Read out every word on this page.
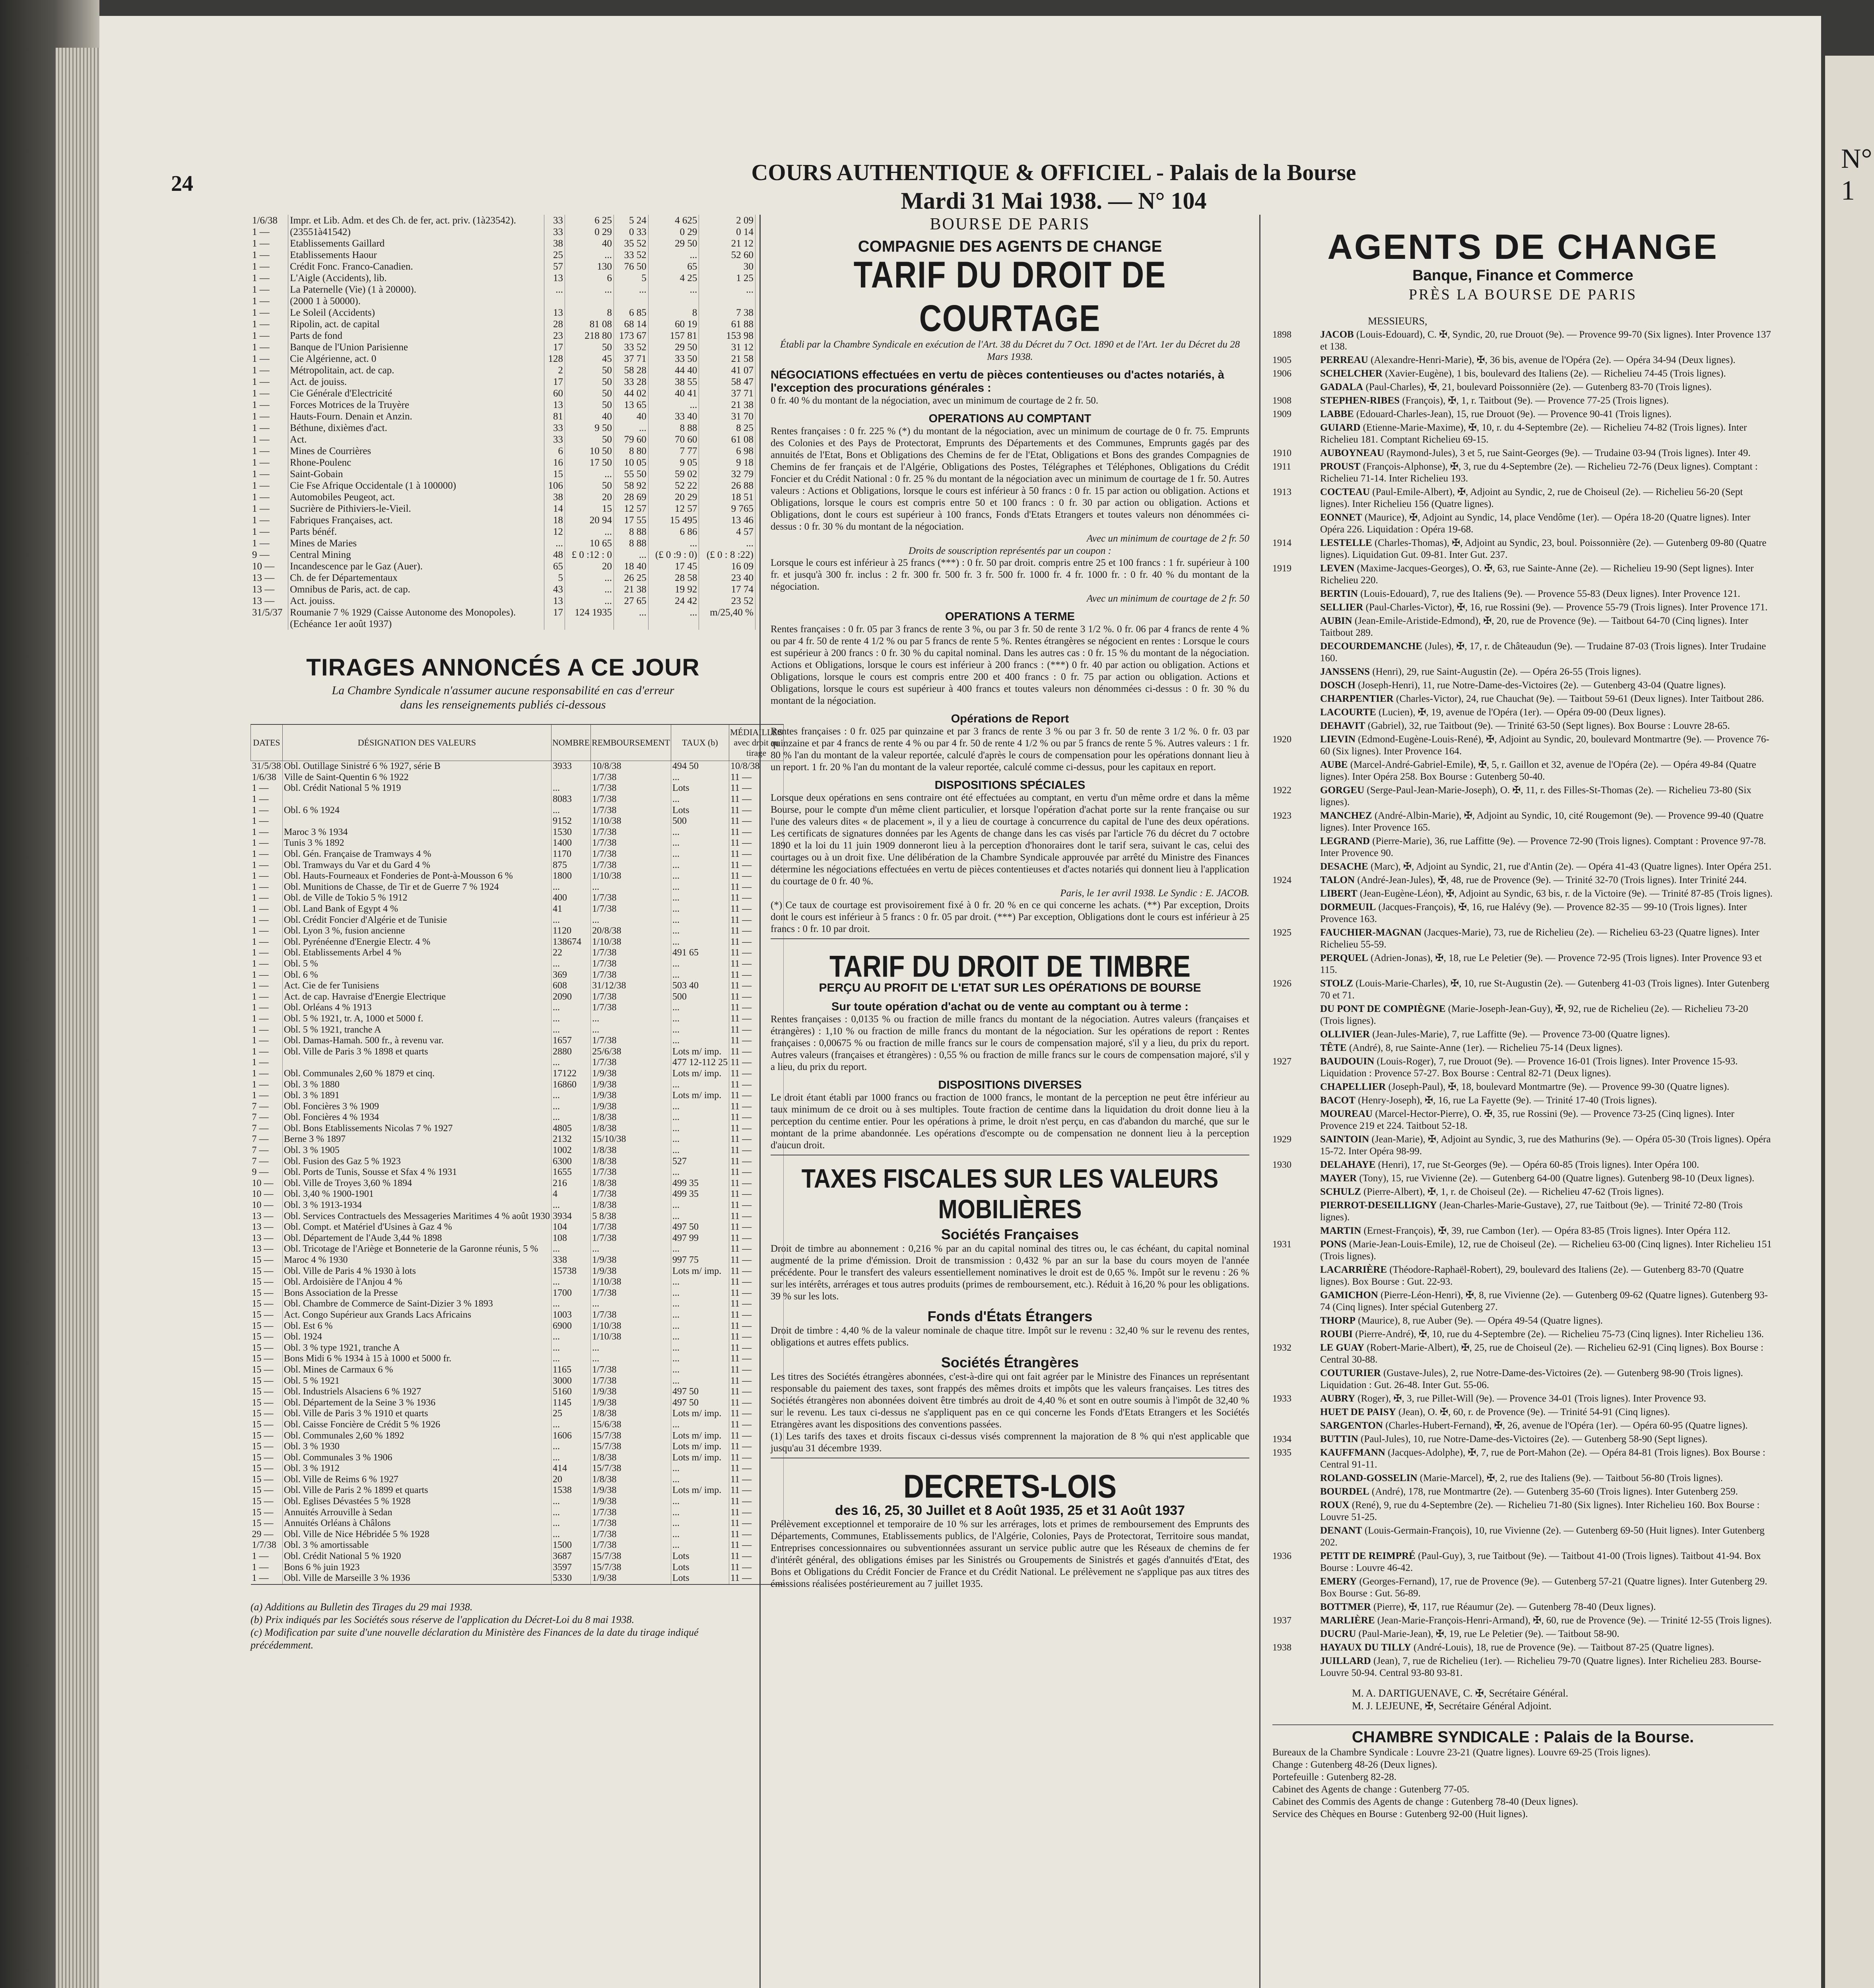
N° 1
24	COURS AUTHENTIQUE & OFFICIEL - Palais de la Bourse
Mardi 31 Mai 1938. — N° 104
1/6/38	Impr. et Lib. Adm. et des Ch. de fer, act. priv. (1à23542).	33	6 25	5 24	4 625	2 09
1 —	(23551à41542)	33	0 29	0 33	0 29	0 14
1 —	Etablissements Gaillard	38	40	35 52	29 50	21 12
1 —	Etablissements Haour	25	...	33 52	...	52 60
1 —	Crédit Fonc. Franco-Canadien.	57	130	76 50	65	30
1 —	L'Aigle (Accidents), lib.	13	6	5	4 25	1 25
1 —	La Paternelle (Vie) (1 à 20000).	...	...	...	...	...
1 —	(2000 1 à 50000).					
1 —	Le Soleil (Accidents)	13	8	6 85	8	7 38
1 —	Ripolin, act. de capital	28	81 08	68 14	60 19	61 88
1 —	Parts de fond	23	218 80	173 67	157 81	153 98
1 —	Banque de l'Union Parisienne	17	50	33 52	29 50	31 12
1 —	Cie Algérienne, act. 0	128	45	37 71	33 50	21 58
1 —	Métropolitain, act. de cap.	2	50	58 28	44 40	41 07
1 —	Act. de jouiss.	17	50	33 28	38 55	58 47
1 —	Cie Générale d'Electricité	60	50	44 02	40 41	37 71
1 —	Forces Motrices de la Truyère	13	50	13 65	...	21 38
1 —	Hauts-Fourn. Denain et Anzin.	81	40	40	33 40	31 70
1 —	Béthune, dixièmes d'act.	33	9 50	...	8 88	8 25
1 —	Act.	33	50	79 60	70 60	61 08
1 —	Mines de Courrières	6	10 50	8 80	7 77	6 98
1 —	Rhone-Poulenc	16	17 50	10 05	9 05	9 18
1 —	Saint-Gobain	15	...	55 50	59 02	32 79
1 —	Cie Fse Afrique Occidentale (1 à 100000)	106	50	58 92	52 22	26 88
1 —	Automobiles Peugeot, act.	38	20	28 69	20 29	18 51
1 —	Sucrière de Pithiviers-le-Vieil.	14	15	12 57	12 57	9 765
1 —	Fabriques Françaises, act.	18	20 94	17 55	15 495	13 46
1 —	Parts bénéf.	12	...	8 88	6 86	4 57
1 —	Mines de Maries	...	10 65	8 88	...	...
9 —	Central Mining	48	£ 0 :12 : 0	...	(£ 0 :9 : 0)	(£ 0 : 8 :22)
10 —	Incandescence par le Gaz (Auer).	65	20	18 40	17 45	16 09
13 —	Ch. de fer Départementaux	5	...	26 25	28 58	23 40
13 —	Omnibus de Paris, act. de cap.	43	...	21 38	19 92	17 74
13 —	Act. jouiss.	13	...	27 65	24 42	23 52
31/5/37	Roumanie 7 % 1929 (Caisse Autonome des Monopoles).	17	124 1935	...	...	m/25,40 %
	(Echéance 1er août 1937)					
TIRAGES ANNONCÉS A CE JOUR
La Chambre Syndicale n'assumer aucune responsabilité en cas d'erreur
dans les renseignements publiés ci-dessous
DATES	DÉSIGNATION DES VALEURS	NOMBRE	REMBOURSEMENT	TAUX (b)	MÉDIAILLES avec droit au tirage
31/5/38	Obl. Outillage Sinistré 6 % 1927, série B	3933	10/8/38	494 50	10/8/38
1/6/38	Ville de Saint-Quentin 6 % 1922		1/7/38	...	11 —
1 —	Obl. Crédit National 5 % 1919	...	1/7/38	Lots	11 —
1 —		8083	1/7/38	...	11 —
1 —	Obl. 6 % 1924	...	1/7/38	Lots	11 —
1 —		9152	1/10/38	500	11 —
1 —	Maroc 3 % 1934	1530	1/7/38	...	11 —
1 —	Tunis 3 % 1892	1400	1/7/38	...	11 —
1 —	Obl. Gén. Française de Tramways 4 %	1170	1/7/38	...	11 —
1 —	Obl. Tramways du Var et du Gard 4 %	875	1/7/38	...	11 —
1 —	Obl. Hauts-Fourneaux et Fonderies de Pont-à-Mousson 6 %	1800	1/10/38	...	11 —
1 —	Obl. Munitions de Chasse, de Tir et de Guerre 7 % 1924	...	...	...	11 —
1 —	Obl. de Ville de Tokio 5 % 1912	400	1/7/38	...	11 —
1 —	Obl. Land Bank of Egypt 4 %	41	1/7/38	...	11 —
1 —	Obl. Crédit Foncier d'Algérie et de Tunisie	...	...	...	11 —
1 —	Obl. Lyon 3 %, fusion ancienne	1120	20/8/38	...	11 —
1 —	Obl. Pyrénéenne d'Energie Electr. 4 %	138674	1/10/38	...	11 —
1 —	Obl. Etablissements Arbel 4 %	22	1/7/38	491 65	11 —
1 —	Obl. 5 %	...	1/7/38	...	11 —
1 —	Obl. 6 %	369	1/7/38	...	11 —
1 —	Act. Cie de fer Tunisiens	608	31/12/38	503 40	11 —
1 —	Act. de cap. Havraise d'Energie Electrique	2090	1/7/38	500	11 —
1 —	Obl. Orléans 4 % 1913	...	1/7/38	...	11 —
1 —	Obl. 5 % 1921, tr. A, 1000 et 5000 f.	...	...	...	11 —
1 —	Obl. 5 % 1921, tranche A	...	...	...	11 —
1 —	Obl. Damas-Hamah. 500 fr., à revenu var.	1657	1/7/38	...	11 —
1 —	Obl. Ville de Paris 3 % 1898 et quarts	2880	25/6/38	Lots m/ imp.	11 —
1 —		...	1/7/38	477 12-112 25	11 —
1 —	Obl. Communales 2,60 % 1879 et cinq.	17122	1/9/38	Lots m/ imp.	11 —
1 —	Obl. 3 % 1880	16860	1/9/38	...	11 —
1 —	Obl. 3 % 1891	...	1/9/38	Lots m/ imp.	11 —
7 —	Obl. Foncières 3 % 1909	...	1/9/38	...	11 —
7 —	Obl. Foncières 4 % 1934	...	1/8/38	...	11 —
7 —	Obl. Bons Etablissements Nicolas 7 % 1927	4805	1/8/38	...	11 —
7 —	Berne 3 % 1897	2132	15/10/38	...	11 —
7 —	Obl. 3 % 1905	1002	1/8/38	...	11 —
7 —	Obl. Fusion des Gaz 5 % 1923	6300	1/8/38	527	11 —
9 —	Obl. Ports de Tunis, Sousse et Sfax 4 % 1931	1655	1/7/38	...	11 —
10 —	Obl. Ville de Troyes 3,60 % 1894	216	1/8/38	499 35	11 —
10 —	Obl. 3,40 % 1900-1901	4	1/7/38	499 35	11 —
10 —	Obl. 3 % 1913-1934	...	1/8/38	...	11 —
13 —	Obl. Services Contractuels des Messageries Maritimes 4 % août 1930	3934	5 8/38	...	11 —
13 —	Obl. Compt. et Matériel d'Usines à Gaz 4 %	104	1/7/38	497 50	11 —
13 —	Obl. Département de l'Aude 3,44 % 1898	108	1/7/38	497 99	11 —
13 —	Obl. Tricotage de l'Ariège et Bonneterie de la Garonne réunis, 5 %	...	...	...	11 —
15 —	Maroc 4 % 1930	338	1/9/38	997 75	11 —
15 —	Obl. Ville de Paris 4 % 1930 à lots	15738	1/9/38	Lots m/ imp.	11 —
15 —	Obl. Ardoisière de l'Anjou 4 %	...	1/10/38	...	11 —
15 —	Bons Association de la Presse	1700	1/7/38	...	11 —
15 —	Obl. Chambre de Commerce de Saint-Dizier 3 % 1893	...	...	...	11 —
15 —	Act. Congo Supérieur aux Grands Lacs Africains	1003	1/7/38	...	11 —
15 —	Obl. Est 6 %	6900	1/10/38	...	11 —
15 —	Obl. 1924	...	1/10/38	...	11 —
15 —	Obl. 3 % type 1921, tranche A	...	...	...	11 —
15 —	Bons Midi 6 % 1934 à 15 à 1000 et 5000 fr.	...	...	...	11 —
15 —	Obl. Mines de Carmaux 6 %	1165	1/7/38	...	11 —
15 —	Obl. 5 % 1921	3000	1/7/38	...	11 —
15 —	Obl. Industriels Alsaciens 6 % 1927	5160	1/9/38	497 50	11 —
15 —	Obl. Département de la Seine 3 % 1936	1145	1/9/38	497 50	11 —
15 —	Obl. Ville de Paris 3 % 1910 et quarts	25	1/8/38	Lots m/ imp.	11 —
15 —	Obl. Caisse Foncière de Crédit 5 % 1926	...	15/6/38	...	11 —
15 —	Obl. Communales 2,60 % 1892	1606	15/7/38	Lots m/ imp.	11 —
15 —	Obl. 3 % 1930	...	15/7/38	Lots m/ imp.	11 —
15 —	Obl. Communales 3 % 1906	...	1/8/38	Lots m/ imp.	11 —
15 —	Obl. 3 % 1912	414	15/7/38	...	11 —
15 —	Obl. Ville de Reims 6 % 1927	20	1/8/38	...	11 —
15 —	Obl. Ville de Paris 2 % 1899 et quarts	1538	1/9/38	Lots m/ imp.	11 —
15 —	Obl. Eglises Dévastées 5 % 1928	...	1/9/38	...	11 —
15 —	Annuités Arrouville à Sedan	...	1/7/38	...	11 —
15 —	Annuités Orléans à Châlons	...	1/7/38	...	11 —
29 —	Obl. Ville de Nice Hébridée 5 % 1928	...	1/7/38	...	11 —
1/7/38	Obl. 3 % amortissable	1500	1/7/38	...	11 —
1 —	Obl. Crédit National 5 % 1920	3687	15/7/38	Lots	11 —
1 —	Bons 6 % juin 1923	3597	15/7/38	Lots	11 —
1 —	Obl. Ville de Marseille 3 % 1936	5330	1/9/38	Lots	11 —
(a) Additions au Bulletin des Tirages du 29 mai 1938.
(b) Prix indiqués par les Sociétés sous réserve de l'application du Décret-Loi du 8 mai 1938.
(c) Modification par suite d'une nouvelle déclaration du Ministère des Finances de la date du tirage indiqué précédemment.
BOURSE DE PARIS
COMPAGNIE DES AGENTS DE CHANGE
TARIF DU DROIT DE COURTAGE
Établi par la Chambre Syndicale en exécution de l'Art. 38 du Décret du 7 Oct. 1890 et de l'Art. 1er du Décret du 28 Mars 1938.
NÉGOCIATIONS effectuées en vertu de pièces contentieuses ou d'actes notariés, à l'exception des procurations générales :
0 fr. 40 % du montant de la négociation, avec un minimum de courtage de 2 fr. 50.
OPERATIONS AU COMPTANT
Rentes françaises : 0 fr. 225 % (*) du montant de la négociation, avec un minimum de courtage de 0 fr. 75. Emprunts des Colonies et des Pays de Protectorat, Emprunts des Départements et des Communes, Emprunts gagés par des annuités de l'Etat, Bons et Obligations des Chemins de fer de l'Etat, Obligations et Bons des grandes Compagnies de Chemins de fer français et de l'Algérie, Obligations des Postes, Télégraphes et Téléphones, Obligations du Crédit Foncier et du Crédit National : 0 fr. 25 % du montant de la négociation avec un minimum de courtage de 1 fr. 50. Autres valeurs : Actions et Obligations, lorsque le cours est inférieur à 50 francs : 0 fr. 15 par action ou obligation. Actions et Obligations, lorsque le cours est compris entre 50 et 100 francs : 0 fr. 30 par action ou obligation. Actions et Obligations, dont le cours est supérieur à 100 francs, Fonds d'Etats Etrangers et toutes valeurs non dénommées ci-dessus : 0 fr. 30 % du montant de la négociation.
Avec un minimum de courtage de 2 fr. 50
Droits de souscription représentés par un coupon :
Lorsque le cours est inférieur à 25 francs (***) : 0 fr. 50 par droit. compris entre 25 et 100 francs : 1 fr. supérieur à 100 fr. et jusqu'à 300 fr. inclus : 2 fr. 300 fr. 500 fr. 3 fr. 500 fr. 1000 fr. 4 fr. 1000 fr. : 0 fr. 40 % du montant de la négociation.
Avec un minimum de courtage de 2 fr. 50
OPERATIONS A TERME
Rentes françaises : 0 fr. 05 par 3 francs de rente 3 %, ou par 3 fr. 50 de rente 3 1/2 %. 0 fr. 06 par 4 francs de rente 4 % ou par 4 fr. 50 de rente 4 1/2 % ou par 5 francs de rente 5 %. Rentes étrangères se négocient en rentes : Lorsque le cours est supérieur à 200 francs : 0 fr. 30 % du capital nominal. Dans les autres cas : 0 fr. 15 % du montant de la négociation. Actions et Obligations, lorsque le cours est inférieur à 200 francs : (***) 0 fr. 40 par action ou obligation. Actions et Obligations, lorsque le cours est compris entre 200 et 400 francs : 0 fr. 75 par action ou obligation. Actions et Obligations, lorsque le cours est supérieur à 400 francs et toutes valeurs non dénommées ci-dessus : 0 fr. 30 % du montant de la négociation.
Opérations de Report
Rentes françaises : 0 fr. 025 par quinzaine et par 3 francs de rente 3 % ou par 3 fr. 50 de rente 3 1/2 %. 0 fr. 03 par quinzaine et par 4 francs de rente 4 % ou par 4 fr. 50 de rente 4 1/2 % ou par 5 francs de rente 5 %. Autres valeurs : 1 fr. 80 % l'an du montant de la valeur reportée, calculé d'après le cours de compensation pour les opérations donnant lieu à un report. 1 fr. 20 % l'an du montant de la valeur reportée, calculé comme ci-dessus, pour les capitaux en report.
DISPOSITIONS SPÉCIALES
Lorsque deux opérations en sens contraire ont été effectuées au comptant, en vertu d'un même ordre et dans la même Bourse, pour le compte d'un même client particulier, et lorsque l'opération d'achat porte sur la rente française ou sur l'une des valeurs dites « de placement », il y a lieu de courtage à concurrence du capital de l'une des deux opérations. Les certificats de signatures données par les Agents de change dans les cas visés par l'article 76 du décret du 7 octobre 1890 et la loi du 11 juin 1909 donneront lieu à la perception d'honoraires dont le tarif sera, suivant le cas, celui des courtages ou à un droit fixe. Une délibération de la Chambre Syndicale approuvée par arrêté du Ministre des Finances détermine les négociations effectuées en vertu de pièces contentieuses et d'actes notariés qui donnent lieu à l'application du courtage de 0 fr. 40 %.
Paris, le 1er avril 1938. Le Syndic : E. JACOB.
(*) Ce taux de courtage est provisoirement fixé à 0 fr. 20 % en ce qui concerne les achats. (**) Par exception, Droits dont le cours est inférieur à 5 francs : 0 fr. 05 par droit. (***) Par exception, Obligations dont le cours est inférieur à 25 francs : 0 fr. 10 par droit.
TARIF DU DROIT DE TIMBRE
PERÇU AU PROFIT DE L'ETAT SUR LES OPÉRATIONS DE BOURSE
Sur toute opération d'achat ou de vente au comptant ou à terme :
Rentes françaises : 0,0135 % ou fraction de mille francs du montant de la négociation. Autres valeurs (françaises et étrangères) : 1,10 % ou fraction de mille francs du montant de la négociation. Sur les opérations de report : Rentes françaises : 0,00675 % ou fraction de mille francs sur le cours de compensation majoré, s'il y a lieu, du prix du report. Autres valeurs (françaises et étrangères) : 0,55 % ou fraction de mille francs sur le cours de compensation majoré, s'il y a lieu, du prix du report.
DISPOSITIONS DIVERSES
Le droit étant établi par 1000 francs ou fraction de 1000 francs, le montant de la perception ne peut être inférieur au taux minimum de ce droit ou à ses multiples. Toute fraction de centime dans la liquidation du droit donne lieu à la perception du centime entier. Pour les opérations à prime, le droit n'est perçu, en cas d'abandon du marché, que sur le montant de la prime abandonnée. Les opérations d'escompte ou de compensation ne donnent lieu à la perception d'aucun droit.
TAXES FISCALES SUR LES VALEURS MOBILIÈRES
Sociétés Françaises
Droit de timbre au abonnement : 0,216 % par an du capital nominal des titres ou, le cas échéant, du capital nominal augmenté de la prime d'émission. Droit de transmission : 0,432 % par an sur la base du cours moyen de l'année précédente. Pour le transfert des valeurs essentiellement nominatives le droit est de 0,65 %. Impôt sur le revenu : 26 % sur les intérêts, arrérages et tous autres produits (primes de remboursement, etc.). Réduit à 16,20 % pour les obligations. 39 % sur les lots.
Fonds d'États Étrangers
Droit de timbre : 4,40 % de la valeur nominale de chaque titre. Impôt sur le revenu : 32,40 % sur le revenu des rentes, obligations et autres effets publics.
Sociétés Étrangères
Les titres des Sociétés étrangères abonnées, c'est-à-dire qui ont fait agréer par le Ministre des Finances un représentant responsable du paiement des taxes, sont frappés des mêmes droits et impôts que les valeurs françaises. Les titres des Sociétés étrangères non abonnées doivent être timbrés au droit de 4,40 % et sont en outre soumis à l'impôt de 32,40 % sur le revenu. Les taux ci-dessus ne s'appliquent pas en ce qui concerne les Fonds d'Etats Etrangers et les Sociétés Etrangères avant les dispositions des conventions passées.
(1) Les tarifs des taxes et droits fiscaux ci-dessus visés comprennent la majoration de 8 % qui n'est applicable que jusqu'au 31 décembre 1939.
DECRETS-LOIS
des 16, 25, 30 Juillet et 8 Août 1935, 25 et 31 Août 1937
Prélèvement exceptionnel et temporaire de 10 % sur les arrérages, lots et primes de remboursement des Emprunts des Départements, Communes, Etablissements publics, de l'Algérie, Colonies, Pays de Protectorat, Territoire sous mandat, Entreprises concessionnaires ou subventionnées assurant un service public autre que les Réseaux de chemins de fer d'intérêt général, des obligations émises par les Sinistrés ou Groupements de Sinistrés et gagés d'annuités d'Etat, des Bons et Obligations du Crédit Foncier de France et du Crédit National. Le prélèvement ne s'applique pas aux titres des émissions réalisées postérieurement au 7 juillet 1935.
AGENTS DE CHANGE
Banque, Finance et Commerce
PRÈS LA BOURSE DE PARIS
MESSIEURS,
1898	JACOB (Louis-Edouard), C. ✠, Syndic, 20, rue Drouot (9e). — Provence 99-70 (Six lignes). Inter Provence 137 et 138.
1905	PERREAU (Alexandre-Henri-Marie), ✠, 36 bis, avenue de l'Opéra (2e). — Opéra 34-94 (Deux lignes).
1906	SCHELCHER (Xavier-Eugène), 1 bis, boulevard des Italiens (2e). — Richelieu 74-45 (Trois lignes).
GADALA (Paul-Charles), ✠, 21, boulevard Poissonnière (2e). — Gutenberg 83-70 (Trois lignes).
1908	STEPHEN-RIBES (François), ✠, 1, r. Taitbout (9e). — Provence 77-25 (Trois lignes).
1909	LABBE (Edouard-Charles-Jean), 15, rue Drouot (9e). — Provence 90-41 (Trois lignes).
GUIARD (Etienne-Marie-Maxime), ✠, 10, r. du 4-Septembre (2e). — Richelieu 74-82 (Trois lignes). Inter Richelieu 181. Comptant Richelieu 69-15.
1910	AUBOYNEAU (Raymond-Jules), 3 et 5, rue Saint-Georges (9e). — Trudaine 03-94 (Trois lignes). Inter 49.
1911	PROUST (François-Alphonse), ✠, 3, rue du 4-Septembre (2e). — Richelieu 72-76 (Deux lignes). Comptant : Richelieu 71-14. Inter Richelieu 193.
1913	COCTEAU (Paul-Emile-Albert), ✠, Adjoint au Syndic, 2, rue de Choiseul (2e). — Richelieu 56-20 (Sept lignes). Inter Richelieu 156 (Quatre lignes).
EONNET (Maurice), ✠, Adjoint au Syndic, 14, place Vendôme (1er). — Opéra 18-20 (Quatre lignes). Inter Opéra 226. Liquidation : Opéra 19-68.
1914	LESTELLE (Charles-Thomas), ✠, Adjoint au Syndic, 23, boul. Poissonnière (2e). — Gutenberg 09-80 (Quatre lignes). Liquidation Gut. 09-81. Inter Gut. 237.
1919	LEVEN (Maxime-Jacques-Georges), O. ✠, 63, rue Sainte-Anne (2e). — Richelieu 19-90 (Sept lignes). Inter Richelieu 220.
BERTIN (Louis-Edouard), 7, rue des Italiens (9e). — Provence 55-83 (Deux lignes). Inter Provence 121.
SELLIER (Paul-Charles-Victor), ✠, 16, rue Rossini (9e). — Provence 55-79 (Trois lignes). Inter Provence 171.
AUBIN (Jean-Emile-Aristide-Edmond), ✠, 20, rue de Provence (9e). — Taitbout 64-70 (Cinq lignes). Inter Taitbout 289.
DECOURDEMANCHE (Jules), ✠, 17, r. de Châteaudun (9e). — Trudaine 87-03 (Trois lignes). Inter Trudaine 160.
JANSSENS (Henri), 29, rue Saint-Augustin (2e). — Opéra 26-55 (Trois lignes).
DOSCH (Joseph-Henri), 11, rue Notre-Dame-des-Victoires (2e). — Gutenberg 43-04 (Quatre lignes).
CHARPENTIER (Charles-Victor), 24, rue Chauchat (9e). — Taitbout 59-61 (Deux lignes). Inter Taitbout 286.
LACOURTE (Lucien), ✠, 19, avenue de l'Opéra (1er). — Opéra 09-00 (Deux lignes).
DEHAVIT (Gabriel), 32, rue Taitbout (9e). — Trinité 63-50 (Sept lignes). Box Bourse : Louvre 28-65.
1920	LIEVIN (Edmond-Eugène-Louis-René), ✠, Adjoint au Syndic, 20, boulevard Montmartre (9e). — Provence 76-60 (Six lignes). Inter Provence 164.
AUBE (Marcel-André-Gabriel-Emile), ✠, 5, r. Gaillon et 32, avenue de l'Opéra (2e). — Opéra 49-84 (Quatre lignes). Inter Opéra 258. Box Bourse : Gutenberg 50-40.
1922	GORGEU (Serge-Paul-Jean-Marie-Joseph), O. ✠, 11, r. des Filles-St-Thomas (2e). — Richelieu 73-80 (Six lignes).
1923	MANCHEZ (André-Albin-Marie), ✠, Adjoint au Syndic, 10, cité Rougemont (9e). — Provence 99-40 (Quatre lignes). Inter Provence 165.
LEGRAND (Pierre-Marie), 36, rue Laffitte (9e). — Provence 72-90 (Trois lignes). Comptant : Provence 97-78. Inter Provence 90.
DESACHE (Marc), ✠, Adjoint au Syndic, 21, rue d'Antin (2e). — Opéra 41-43 (Quatre lignes). Inter Opéra 251.
1924	TALON (André-Jean-Jules), ✠, 48, rue de Provence (9e). — Trinité 32-70 (Trois lignes). Inter Trinité 244.
LIBERT (Jean-Eugène-Léon), ✠, Adjoint au Syndic, 63 bis, r. de la Victoire (9e). — Trinité 87-85 (Trois lignes).
DORMEUIL (Jacques-François), ✠, 16, rue Halévy (9e). — Provence 82-35 — 99-10 (Trois lignes). Inter Provence 163.
1925	FAUCHIER-MAGNAN (Jacques-Marie), 73, rue de Richelieu (2e). — Richelieu 63-23 (Quatre lignes). Inter Richelieu 55-59.
PERQUEL (Adrien-Jonas), ✠, 18, rue Le Peletier (9e). — Provence 72-95 (Trois lignes). Inter Provence 93 et 115.
1926	STOLZ (Louis-Marie-Charles), ✠, 10, rue St-Augustin (2e). — Gutenberg 41-03 (Trois lignes). Inter Gutenberg 70 et 71.
DU PONT DE COMPIÈGNE (Marie-Joseph-Jean-Guy), ✠, 92, rue de Richelieu (2e). — Richelieu 73-20 (Trois lignes).
OLLIVIER (Jean-Jules-Marie), 7, rue Laffitte (9e). — Provence 73-00 (Quatre lignes).
TÊTE (André), 8, rue Sainte-Anne (1er). — Richelieu 75-14 (Deux lignes).
1927	BAUDOUIN (Louis-Roger), 7, rue Drouot (9e). — Provence 16-01 (Trois lignes). Inter Provence 15-93. Liquidation : Provence 57-27. Box Bourse : Central 82-71 (Deux lignes).
CHAPELLIER (Joseph-Paul), ✠, 18, boulevard Montmartre (9e). — Provence 99-30 (Quatre lignes).
BACOT (Henry-Joseph), ✠, 16, rue La Fayette (9e). — Trinité 17-40 (Trois lignes).
MOUREAU (Marcel-Hector-Pierre), O. ✠, 35, rue Rossini (9e). — Provence 73-25 (Cinq lignes). Inter Provence 219 et 224. Taitbout 52-18.
1929	SAINTOIN (Jean-Marie), ✠, Adjoint au Syndic, 3, rue des Mathurins (9e). — Opéra 05-30 (Trois lignes). Opéra 15-72. Inter Opéra 98-99.
1930	DELAHAYE (Henri), 17, rue St-Georges (9e). — Opéra 60-85 (Trois lignes). Inter Opéra 100.
MAYER (Tony), 15, rue Vivienne (2e). — Gutenberg 64-00 (Quatre lignes). Gutenberg 98-10 (Deux lignes).
SCHULZ (Pierre-Albert), ✠, 1, r. de Choiseul (2e). — Richelieu 47-62 (Trois lignes).
PIERROT-DESEILLIGNY (Jean-Charles-Marie-Gustave), 27, rue Taitbout (9e). — Trinité 72-80 (Trois lignes).
MARTIN (Ernest-François), ✠, 39, rue Cambon (1er). — Opéra 83-85 (Trois lignes). Inter Opéra 112.
1931	PONS (Marie-Jean-Louis-Emile), 12, rue de Choiseul (2e). — Richelieu 63-00 (Cinq lignes). Inter Richelieu 151 (Trois lignes).
LACARRIÈRE (Théodore-Raphaël-Robert), 29, boulevard des Italiens (2e). — Gutenberg 83-70 (Quatre lignes). Box Bourse : Gut. 22-93.
GAMICHON (Pierre-Léon-Henri), ✠, 8, rue Vivienne (2e). — Gutenberg 09-62 (Quatre lignes). Gutenberg 93-74 (Cinq lignes). Inter spécial Gutenberg 27.
THORP (Maurice), 8, rue Auber (9e). — Opéra 49-54 (Quatre lignes).
ROUBI (Pierre-André), ✠, 10, rue du 4-Septembre (2e). — Richelieu 75-73 (Cinq lignes). Inter Richelieu 136.
1932	LE GUAY (Robert-Marie-Albert), ✠, 25, rue de Choiseul (2e). — Richelieu 62-91 (Cinq lignes). Box Bourse : Central 30-88.
COUTURIER (Gustave-Jules), 2, rue Notre-Dame-des-Victoires (2e). — Gutenberg 98-90 (Trois lignes). Liquidation : Gut. 26-48. Inter Gut. 55-06.
1933	AUBRY (Roger), ✠, 3, rue Pillet-Will (9e). — Provence 34-01 (Trois lignes). Inter Provence 93.
HUET DE PAISY (Jean), O. ✠, 60, r. de Provence (9e). — Trinité 54-91 (Cinq lignes).
SARGENTON (Charles-Hubert-Fernand), ✠, 26, avenue de l'Opéra (1er). — Opéra 60-95 (Quatre lignes).
1934	BUTTIN (Paul-Jules), 10, rue Notre-Dame-des-Victoires (2e). — Gutenberg 58-90 (Sept lignes).
1935	KAUFFMANN (Jacques-Adolphe), ✠, 7, rue de Port-Mahon (2e). — Opéra 84-81 (Trois lignes). Box Bourse : Central 91-11.
ROLAND-GOSSELIN (Marie-Marcel), ✠, 2, rue des Italiens (9e). — Taitbout 56-80 (Trois lignes).
BOURDEL (André), 178, rue Montmartre (2e). — Gutenberg 35-60 (Trois lignes). Inter Gutenberg 259.
ROUX (René), 9, rue du 4-Septembre (2e). — Richelieu 71-80 (Six lignes). Inter Richelieu 160. Box Bourse : Louvre 51-25.
DENANT (Louis-Germain-François), 10, rue Vivienne (2e). — Gutenberg 69-50 (Huit lignes). Inter Gutenberg 202.
1936	PETIT DE REIMPRÉ (Paul-Guy), 3, rue Taitbout (9e). — Taitbout 41-00 (Trois lignes). Taitbout 41-94. Box Bourse : Louvre 46-42.
EMERY (Georges-Fernand), 17, rue de Provence (9e). — Gutenberg 57-21 (Quatre lignes). Inter Gutenberg 29. Box Bourse : Gut. 56-89.
BOTTMER (Pierre), ✠, 117, rue Réaumur (2e). — Gutenberg 78-40 (Deux lignes).
1937	MARLIÈRE (Jean-Marie-François-Henri-Armand), ✠, 60, rue de Provence (9e). — Trinité 12-55 (Trois lignes).
DUCRU (Paul-Marie-Jean), ✠, 19, rue Le Peletier (9e). — Taitbout 58-90.
1938	HAYAUX DU TILLY (André-Louis), 18, rue de Provence (9e). — Taitbout 87-25 (Quatre lignes).
JUILLARD (Jean), 7, rue de Richelieu (1er). — Richelieu 79-70 (Quatre lignes). Inter Richelieu 283. Bourse-Louvre 50-94. Central 93-80 93-81.
M. A. DARTIGUENAVE, C. ✠, Secrétaire Général.
M. J. LEJEUNE, ✠, Secrétaire Général Adjoint.
CHAMBRE SYNDICALE : Palais de la Bourse.
Bureaux de la Chambre Syndicale : Louvre 23-21 (Quatre lignes). Louvre 69-25 (Trois lignes).
Change : Gutenberg 48-26 (Deux lignes).
Portefeuille : Gutenberg 82-28.
Cabinet des Agents de change : Gutenberg 77-05.
Cabinet des Commis des Agents de change : Gutenberg 78-40 (Deux lignes).
Service des Chèques en Bourse : Gutenberg 92-00 (Huit lignes).
